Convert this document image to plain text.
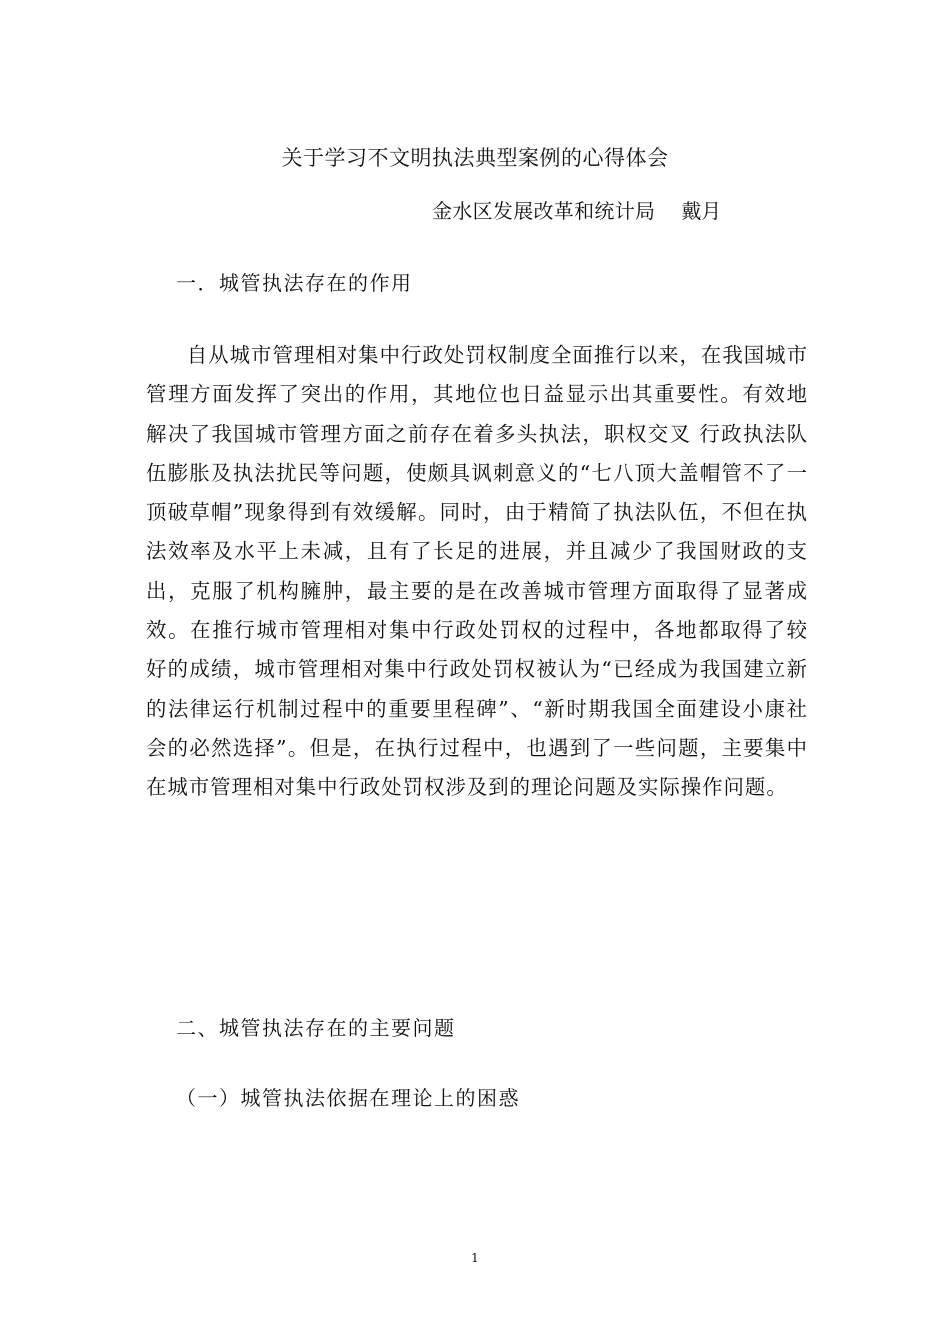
关于学习不文明执法典型案例的心得体会
金水区发展改革和统计局 戴月
一．城管执法存在的作用

自从城市管理相对集中行政处罚权制度全面推行以来，在我国城市管理方面发挥了突出的作用，其地位也日益显示出其重要性。有效地解决了我国城市管理方面之前存在着多头执法，职权交叉 行政执法队伍膨胀及执法扰民等问题，使颇具讽刺意义的“七八顶大盖帽管不了一顶破草帽”现象得到有效缓解。同时，由于精简了执法队伍，不但在执法效率及水平上未减，且有了长足的进展，并且减少了我国财政的支出，克服了机构臃肿，最主要的是在改善城市管理方面取得了显著成效。在推行城市管理相对集中行政处罚权的过程中，各地都取得了较好的成绩，城市管理相对集中行政处罚权被认为“已经成为我国建立新的法律运行机制过程中的重要里程碑”、“新时期我国全面建设小康社会的必然选择”。但是，在执行过程中，也遇到了一些问题，主要集中在城市管理相对集中行政处罚权涉及到的理论问题及实际操作问题。

二、城管执法存在的主要问题
（一）城管执法依据在理论上的困惑
1
